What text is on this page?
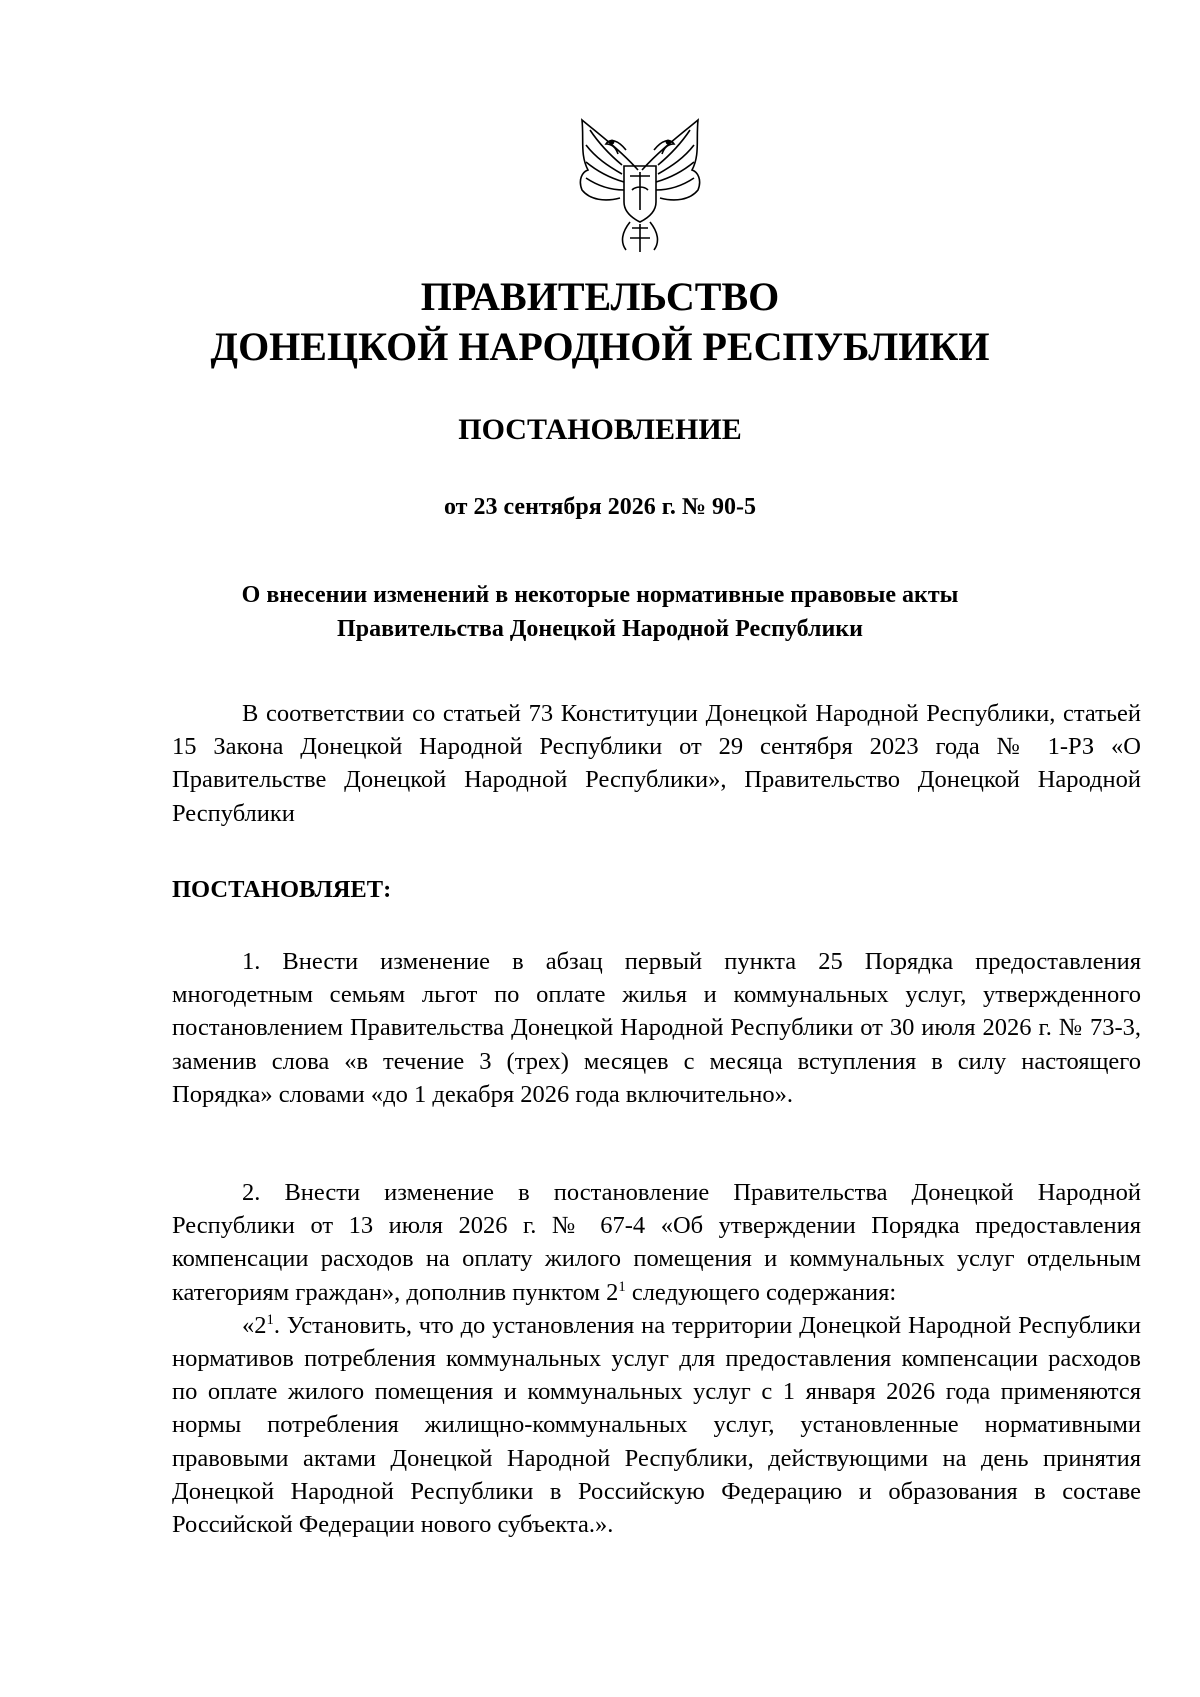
ПРАВИТЕЛЬСТВО
ДОНЕЦКОЙ НАРОДНОЙ РЕСПУБЛИКИ
ПОСТАНОВЛЕНИЕ
от 23 сентября 2026 г. № 90-5
О внесении изменений в некоторые нормативные правовые акты
Правительства Донецкой Народной Республики

В соответствии со статьей 73 Конституции Донецкой Народной Республики, статьей 15 Закона Донецкой Народной Республики от 29 сентября 2023 года № 1-РЗ «О Правительстве Донецкой Народной Республики», Правительство Донецкой Народной Республики

ПОСТАНОВЛЯЕТ:

1. Внести изменение в абзац первый пункта 25 Порядка предоставления многодетным семьям льгот по оплате жилья и коммунальных услуг, утвержденного постановлением Правительства Донецкой Народной Республики от 30 июля 2026 г. № 73-3, заменив слова «в течение 3 (трех) месяцев с месяца вступления в силу настоящего Порядка» словами «до 1 декабря 2026 года включительно».

2. Внести изменение в постановление Правительства Донецкой Народной Республики от 13 июля 2026 г. № 67-4 «Об утверждении Порядка предоставления компенсации расходов на оплату жилого помещения и коммунальных услуг отдельным категориям граждан», дополнив пунктом $2^1$ следующего содержания:

«$2^1$. Установить, что до установления на территории Донецкой Народной Республики нормативов потребления коммунальных услуг для предоставления компенсации расходов по оплате жилого помещения и коммунальных услуг с 1 января 2026 года применяются нормы потребления жилищно-коммунальных услуг, установленные нормативными правовыми актами Донецкой Народной Республики, действующими на день принятия Донецкой Народной Республики в Российскую Федерацию и образования в составе Российской Федерации нового субъекта.».
